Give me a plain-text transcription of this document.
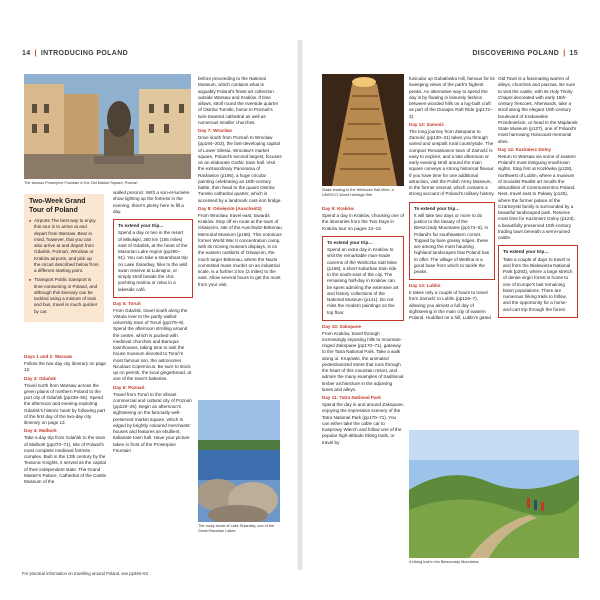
14 | INTRODUCING POLAND	DISCOVERING POLAND | 15
The famous Proserpine Fountain in the Old Market Square, Poznań
Two-Week Grand Tour of Poland
■ Airports The best way to enjoy this tour is to arrive at and depart from Warsaw. Bear in mind, however, that you can also arrive at and depart from Gdańsk, Poznań, Wrocław or Kraków airports, and pick up the circuit described below from a different starting point.
■ Transport Public transport is time-consuming in Poland, and although this itinerary can be tackled using a mixture of train and bus, travel is much quicker by car.

Days 1 and 2: Warsaw

Follow the two-day city itinerary on page 12.

Day 3: Gdańsk

Travel north from Warsaw across the green plains of northern Poland to the port city of Gdańsk (pp236–55). Spend the afternoon and evening exploring Gdańsk's historic heart by following part of the first day of the two-day city itinerary on page 13.

Day 4: Malbork

Take a day trip from Gdańsk to the town of Malbork (pp270–71), site of Poland's most complete medieval fortress complex. Built in the 13th century by the Teutonic Knights, it served as the capital of their independent state. The Grand Master's Palace, Cathedral of the Castle Museum of the

walled precinct. With a son-et-lumière show lighting up the fortress in the evening, there's plenty here to fill a day.

To extend your trip…

Spend a day or two in the resort of Mikołajki, 250 km (155 miles) east of Gdańsk, at the heart of the Mazurian Lake region (pp290–91). You can take a steamboat trip on Lake Śniardwy, hike to the wild swan reserve at Łuknajno, or simply stroll beside the chic yachting marina or relax in a lakeside café.

Day 5: Toruń

From Gdańsk, travel south along the Vistula river to the partly walled university town of Toruń (pp276–9). Spend the afternoon strolling around the centre, which is packed with medieval churches and Baroque townhouses, taking time to visit the house museum devoted to Toruń's most famous son, the astronomer Nicolaus Copernicus. Be sure to stock up on piernik, the local gingerbread, at one of the town's bakeries.

Day 6: Poznań

Travel from Toruń to the vibrant commercial and cultural city of Poznań (pp220–25). Begin an afternoon's sightseeing on the famously well-preserved market square, which is edged by brightly coloured merchants' houses and features an ebullient, Italianate town hall. Have your picture taken in front of the Proserpine Fountain

before proceeding to the National Museum, which contains what is arguably Poland's finest art collection outside Warsaw and Kraków. If time allows, stroll round the riverside quarter of Ostrów Tumski, home to Poznań's twin-towered cathedral as well as numerous smaller churches.

Day 7: Wrocław

Drive south from Poznań to Wrocław (pp194–203), the fast-developing capital of Lower Silesia. Wrocław's market square, Poland's second largest, focuses on an elaborate Gothic town hall. Visit the extraordinary Panorama of Racławice (p195), a huge circular painting celebrating an 18th-century battle, then head to the quaint Ostrów Tumski cathedral quarter, which is accessed by a landmark cast-iron bridge.

Day 8: Oświęcim (Auschwitz)

From Wrocław, travel east, towards Kraków. Stop off en route at the town of Oświęcim, site of the Auschwitz-Birkenau Memorial Museum (p166). This notorious former World War II concentration camp, with its moving museum displays, is on the eastern outskirts of Oświęcim, the much larger Birkenau, where the Nazis committed mass murder on an industrial scale, is a further 3 km (2 miles) to the east. Allow several hours to get the most from your visit.

The rocky shore of Lake Śniardwy, one of the Great Mazurian Lakes
Stairs leading to the Wieliczka Salt Mine, a UNESCO World Heritage Site

Day 9: Kraków

Spend a day in Kraków, choosing one of the itineraries from the Two Days in Kraków tour on pages 12–13.

To extend your trip…

Spend an extra day in Kraków to visit the remarkable man-made caverns of the Wieliczka Salt Mine (p168), a short suburban train ride to the south-east of the city. The remaining half-day in Kraków can be spent admiring the extensive art and history collections of the National Museum (p141). Do not miss the modern paintings on the top floor.

Day 10: Zakopane

From Kraków, travel through increasingly imposing hills to mountain-ringed Zakopane (pp170–71), gateway to the Tatra National Park. Take a walk along ul. Krupówki, the animated pedestrianized street that runs through the heart of this mountain resort, and admire the many examples of traditional timber architecture in the adjoining lanes and alleys.

Day 11: Tatra National Park

Spend the day in and around Zakopane, enjoying the impressive scenery of the Tatra National Park (pp170–71). You can either take the cable car to Kasprowy Wierch and follow one of the popular high-altitude hiking trails, or travel by

funicular up Gubałówka Hill, famous for its sweeping views of the park's highest peaks. An alternative way to spend the day is by floating in leisurely fashion between wooded hills on a log-built craft as part of the Dunajec Raft Ride (pp172–3).

Day 12: Zamość

The long journey from Zakopane to Zamość (pp130–31) takes you through varied and unspoilt rural countryside. The compact Renaissance town of Zamość is easy to explore, and a late afternoon or early evening stroll around the main square conveys a strong historical flavour. If you have time for one additional attraction, visit the Polish Army Museum, in the former arsenal, which contains a strong account of Poland's military history.

To extend your trip…

It will take two days or more to do justice to the beauty of the Bieszczady Mountains (pp174–5), in Poland's far southeastern corner. Topped by bare grassy ridges, these are among the most haunting highland landscapes that Poland has to offer. The village of Wetlina is a good base from which to tackle the peaks.

Day 13: Lublin

It takes only a couple of hours to travel from Zamość to Lublin (pp126–7), allowing you almost a full day of sightseeing in the main city of eastern Poland. Huddled on a hill, Lublin's gated

Old Town is a fascinating warren of alleys, churches and piazzas. Be sure to visit the castle, with its Holy Trinity Chapel decorated with early 15th-century frescoes. Afterwards, take a stroll along the elegant 19th-century boulevard of Krakowskie Przedmieście, or head to the Majdanek State Museum (p127), one of Poland's most harrowing Holocaust memorial sites.

Day 14: Kazimierz Dolny

Return to Warsaw via some of eastern Poland's most intriguing small-town sights. Stop first at Kozłówka (p128), northwest of Lublin, where a museum of Socialist Realist art recalls the absurdities of Communist-Era Poland. Next, travel east to Puławy (p125), where the former palace of the Czartoryski family is surrounded by a beautiful landscaped park. Reserve most time for Kazimierz Dolny (p123), a beautifully preserved 15th-century trading town beneath a semi-ruined castle.

To extend your trip…

Take a couple of days to travel to and from the Białowieża National Park (p293), where a large stretch of dense virgin forest is home to one of Europe's last remaining bison populations. There are numerous hiking trails to follow, and the opportunity for a horse-and-cart trip through the forest.

A hiking trail in the Bieszczady Mountains
For practical information on travelling around Poland, see pp346–53
